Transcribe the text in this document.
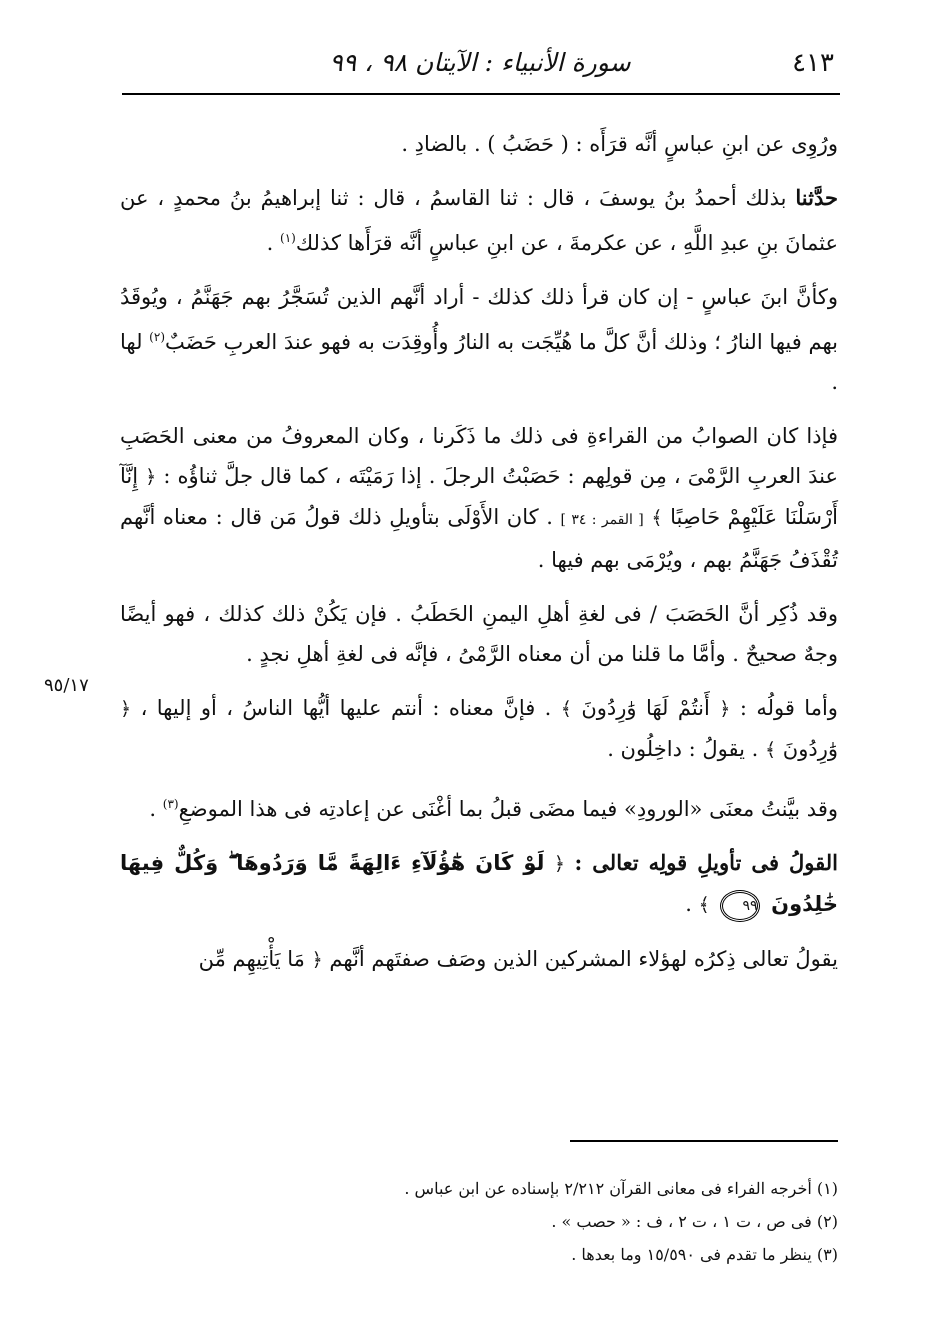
٤١٣
سورة الأنبياء : الآيتان ٩٨ ، ٩٩
٩٥/١٧

ورُوِى عن ابنِ عباسٍ أنَّه قرَأَه : ( حَضَبُ ) . بالضادِ .

حدَّثنا بذلك أحمدُ بنُ يوسفَ ، قال : ثنا القاسمُ ، قال : ثنا إبراهيمُ بنُ محمدٍ ، عن عثمانَ بنِ عبدِ اللَّهِ ، عن عكرمةَ ، عن ابنِ عباسٍ أنَّه قرَأَها كذلك$^{(١)}$ .

وكأنَّ ابنَ عباسٍ - إن كان قرأ ذلك كذلك - أراد أنَّهم الذين تُسَجَّرُ بهم جَهَنَّمُ ، ويُوقَدُ بهم فيها النارُ ؛ وذلك أنَّ كلَّ ما هُيِّجَت به النارُ وأُوقِدَت به فهو عندَ العربِ حَضَبٌ$^{(٢)}$ لها .

فإذا كان الصوابُ من القراءةِ فى ذلك ما ذَكَرنا ، وكان المعروفُ من معنى الحَصَبِ عندَ العربِ الرَّمْىَ ، مِن قولِهم : حَصَبْتُ الرجلَ . إذا رَمَيْتَه ، كما قال جلَّ ثناؤُه : ﴿ إِنَّآ أَرْسَلْنَا عَلَيْهِمْ حَاصِبًا ﴾ [ القمر : ٣٤ ] . كان الأَوْلَى بتأويلِ ذلك قولُ مَن قال : معناه أنَّهم تُقْذَفُ جَهَنَّمُ بهم ، ويُرْمَى بهم فيها .

وقد ذُكِر أنَّ الحَصَبَ / فى لغةِ أهلِ اليمنِ الحَطَبُ . فإن يَكُنْ ذلك كذلك ، فهو أيضًا وجهٌ صحيحٌ . وأمَّا ما قلنا من أن معناه الرَّمْىُ ، فإنَّه فى لغةِ أهلِ نجدٍ .

وأما قولُه : ﴿ أَنتُمْ لَهَا وَٰرِدُونَ ﴾ . فإنَّ معناه : أنتم عليها أيُّها الناسُ ، أو إليها ، ﴿ وَٰرِدُونَ ﴾ . يقولُ : داخِلُون .

وقد بيَّنتُ معنَى «الورودِ» فيما مضَى قبلُ بما أغْنَى عن إعادتِه فى هذا الموضعِ$^{(٣)}$ .

القولُ فى تأويلِ قولِه تعالى : ﴿ لَوْ كَانَ هَٰٓؤُلَآءِ ءَالِهَةً مَّا وَرَدُوهَا ۖ وَكُلٌّ فِيهَا خَٰلِدُونَ ٩٩ ﴾ .

يقولُ تعالى ذِكرُه لهؤلاء المشركين الذين وصَف صفتَهم أنَّهم ﴿ مَا يَأْتِيهِم مِّن

(١) أخرجه الفراء فى معانى القرآن ٢/٢١٢ بإسناده عن ابن عباس .

(٢) فى ص ، ت ١ ، ت ٢ ، ف : « حصب » .

(٣) ينظر ما تقدم فى ١٥/٥٩٠ وما بعدها .
